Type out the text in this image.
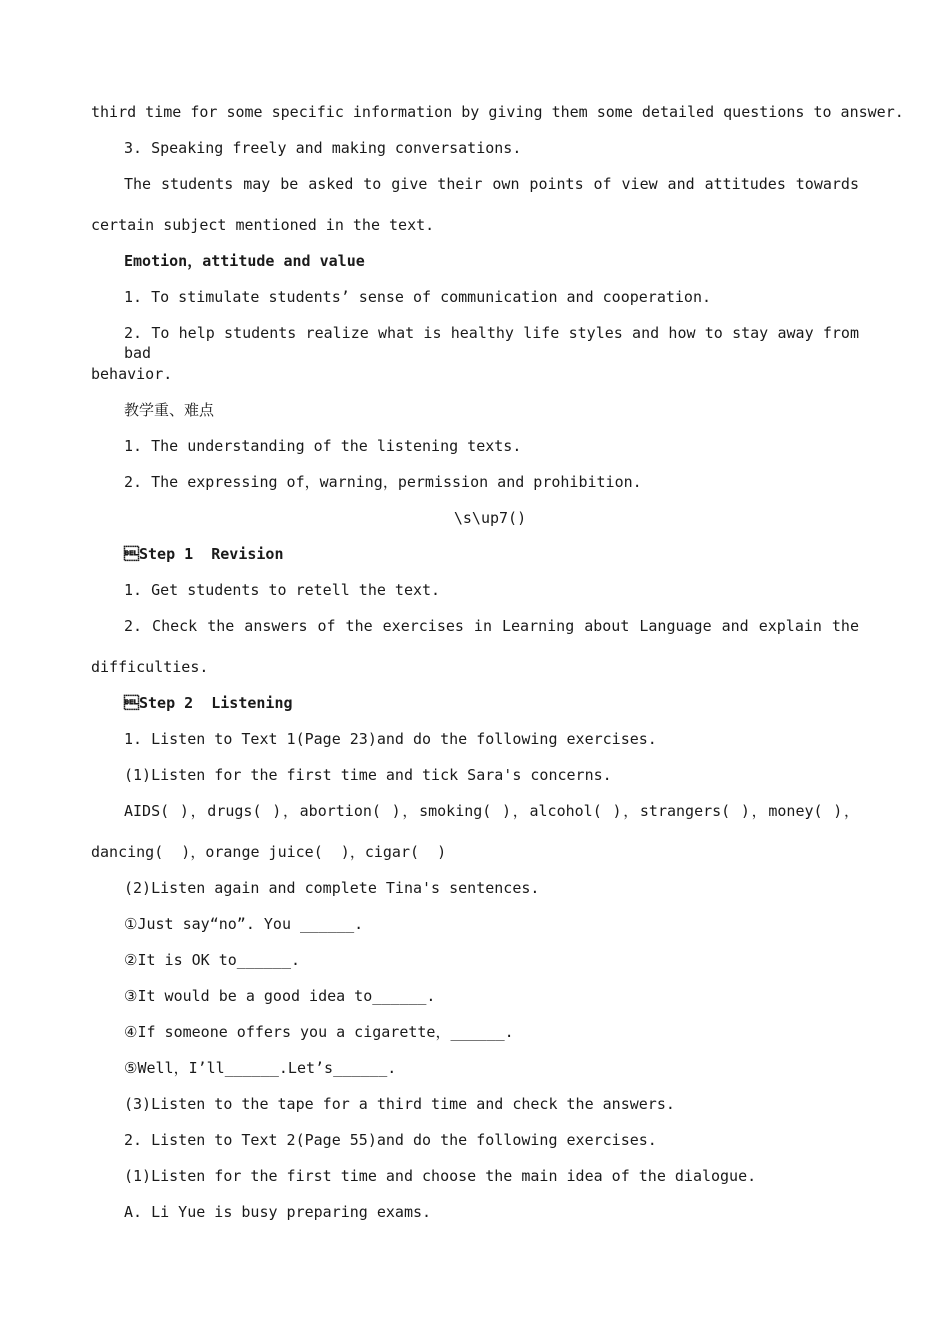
third time for some specific information by giving them some detailed questions to answer.
3. Speaking freely and making conversations.
The students may be asked to give their own points of view and attitudes towards
certain subject mentioned in the text.
Emotion，attitude and value
1. To stimulate students’ sense of communication and cooperation.
2. To help students realize what is healthy life styles and how to stay away from bad
behavior.
教学重、难点
1. The understanding of the listening texts.
2. The expressing of，warning，permission and prohibition.
\s\up7()
Step 1  Revision
1. Get students to retell the text.
2. Check the answers of the exercises in Learning about Language and explain the
difficulties.
Step 2  Listening
1. Listen to Text 1(Page 23)and do the following exercises.
(1)Listen for the first time and tick Sara's concerns.
AIDS( )，drugs( )，abortion( )，smoking( )，alcohol( )，strangers( )，money( )，
dancing(  )，orange juice(  )，cigar(  )
(2)Listen again and complete Tina's sentences.
①Just say“no”. You ______.
②It is OK to______.
③It would be a good idea to______.
④If someone offers you a cigarette，______.
⑤Well，I’ll______.Let’s______.
(3)Listen to the tape for a third time and check the answers.
2. Listen to Text 2(Page 55)and do the following exercises.
(1)Listen for the first time and choose the main idea of the dialogue.
A. Li Yue is busy preparing exams.
